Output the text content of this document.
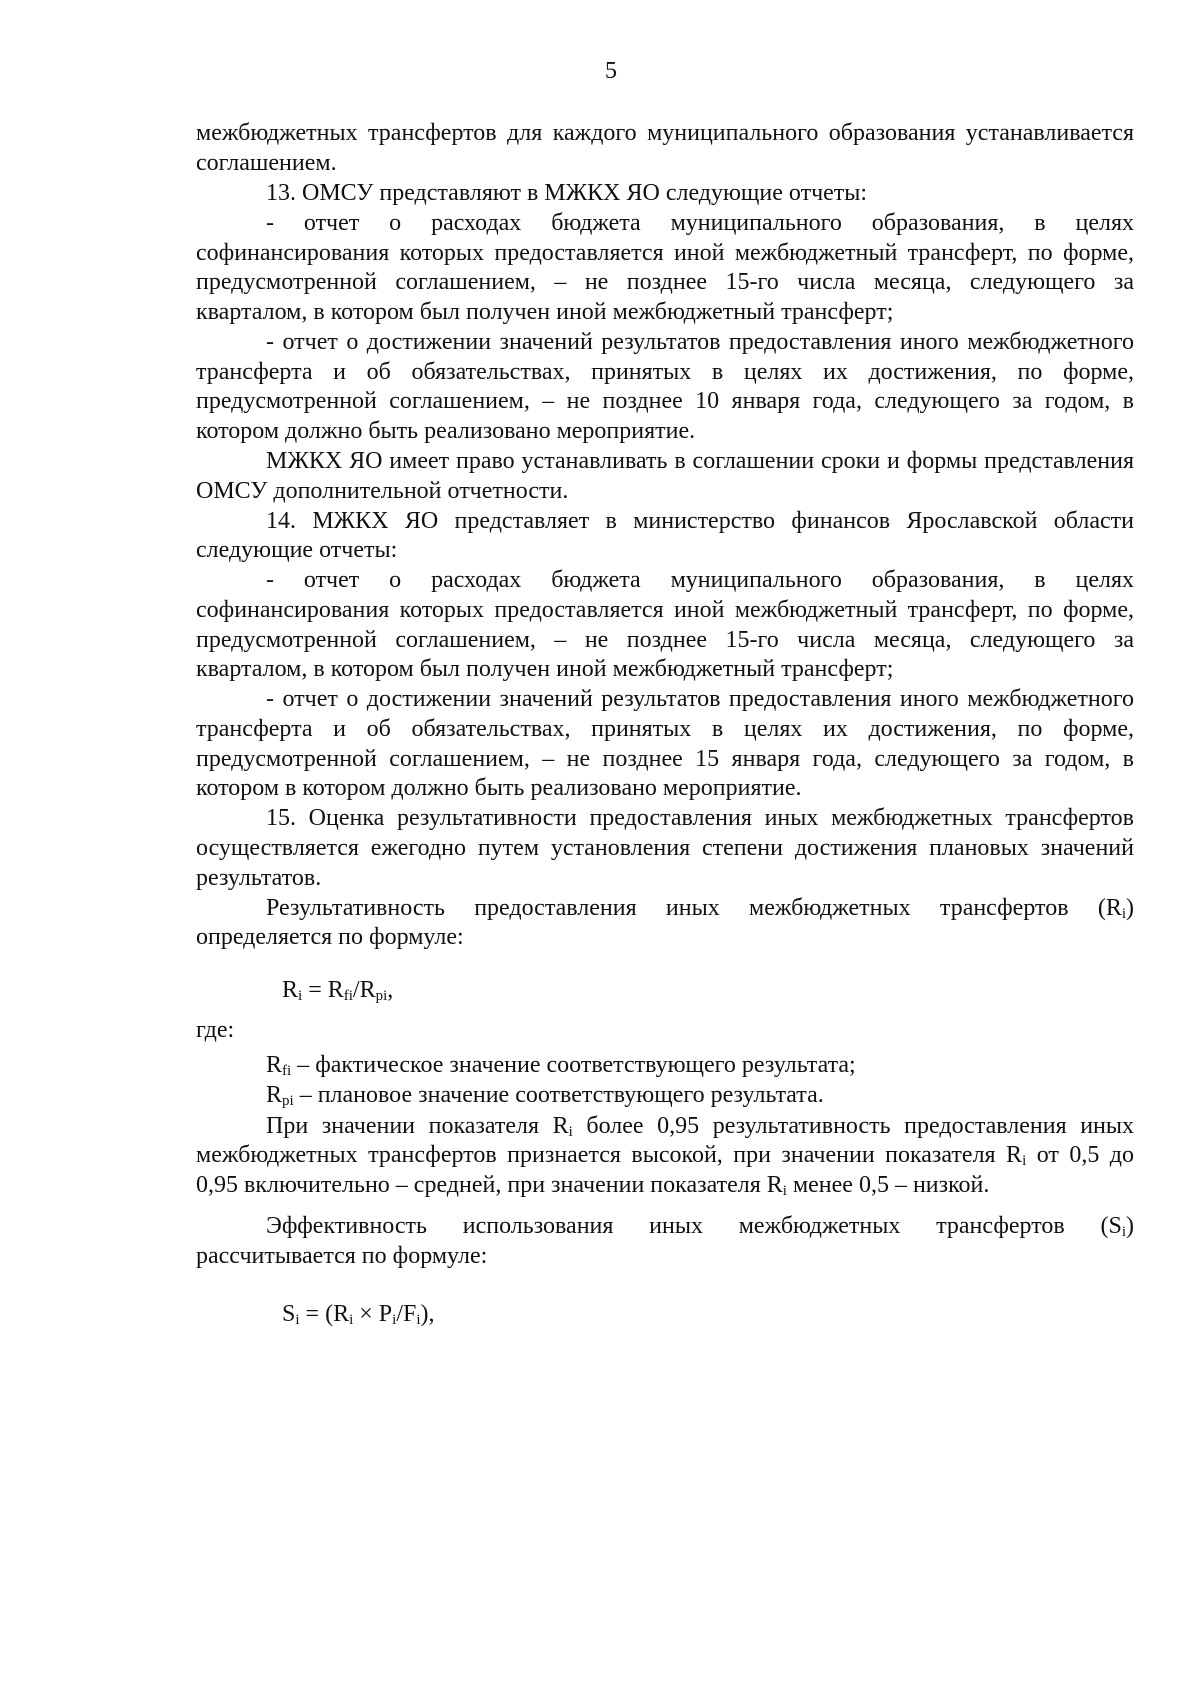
5

межбюджетных трансфертов для каждого муниципального образования устанавливается соглашением.

13. ОМСУ представляют в МЖКХ ЯО следующие отчеты:

- отчет о расходах бюджета муниципального образования, в целях софинансирования которых предоставляется иной межбюджетный трансферт, по форме, предусмотренной соглашением, – не позднее 15-го числа месяца, следующего за кварталом, в котором был получен иной межбюджетный трансферт;

- отчет о достижении значений результатов предоставления иного межбюджетного трансферта и об обязательствах, принятых в целях их достижения, по форме, предусмотренной соглашением, – не позднее 10 января года, следующего за годом, в котором должно быть реализовано мероприятие.

МЖКХ ЯО имеет право устанавливать в соглашении сроки и формы представления ОМСУ дополнительной отчетности.

14. МЖКХ ЯО представляет в министерство финансов Ярославской области следующие отчеты:

- отчет о расходах бюджета муниципального образования, в целях софинансирования которых предоставляется иной межбюджетный трансферт, по форме, предусмотренной соглашением, – не позднее 15-го числа месяца, следующего за кварталом, в котором был получен иной межбюджетный трансферт;

- отчет о достижении значений результатов предоставления иного межбюджетного трансферта и об обязательствах, принятых в целях их достижения, по форме, предусмотренной соглашением, – не позднее 15 января года, следующего за годом, в котором в котором должно быть реализовано мероприятие.

15. Оценка результативности предоставления иных межбюджетных трансфертов осуществляется ежегодно путем установления степени достижения плановых значений результатов.

Результативность предоставления иных межбюджетных трансфертов $(R_i)$ определяется по формуле:

$R_i = R_{fi}/R_{pi}$,

где:

$R_{fi}$ – фактическое значение соответствующего результата;

$R_{pi}$ – плановое значение соответствующего результата.

При значении показателя $R_i$ более 0,95 результативность предоставления иных межбюджетных трансфертов признается высокой, при значении показателя $R_i$ от 0,5 до 0,95 включительно – средней, при значении показателя $R_i$ менее 0,5 – низкой.

Эффективность использования иных межбюджетных трансфертов $(S_i)$ рассчитывается по формуле:

$S_i = (R_i \times P_i/F_i)$,
